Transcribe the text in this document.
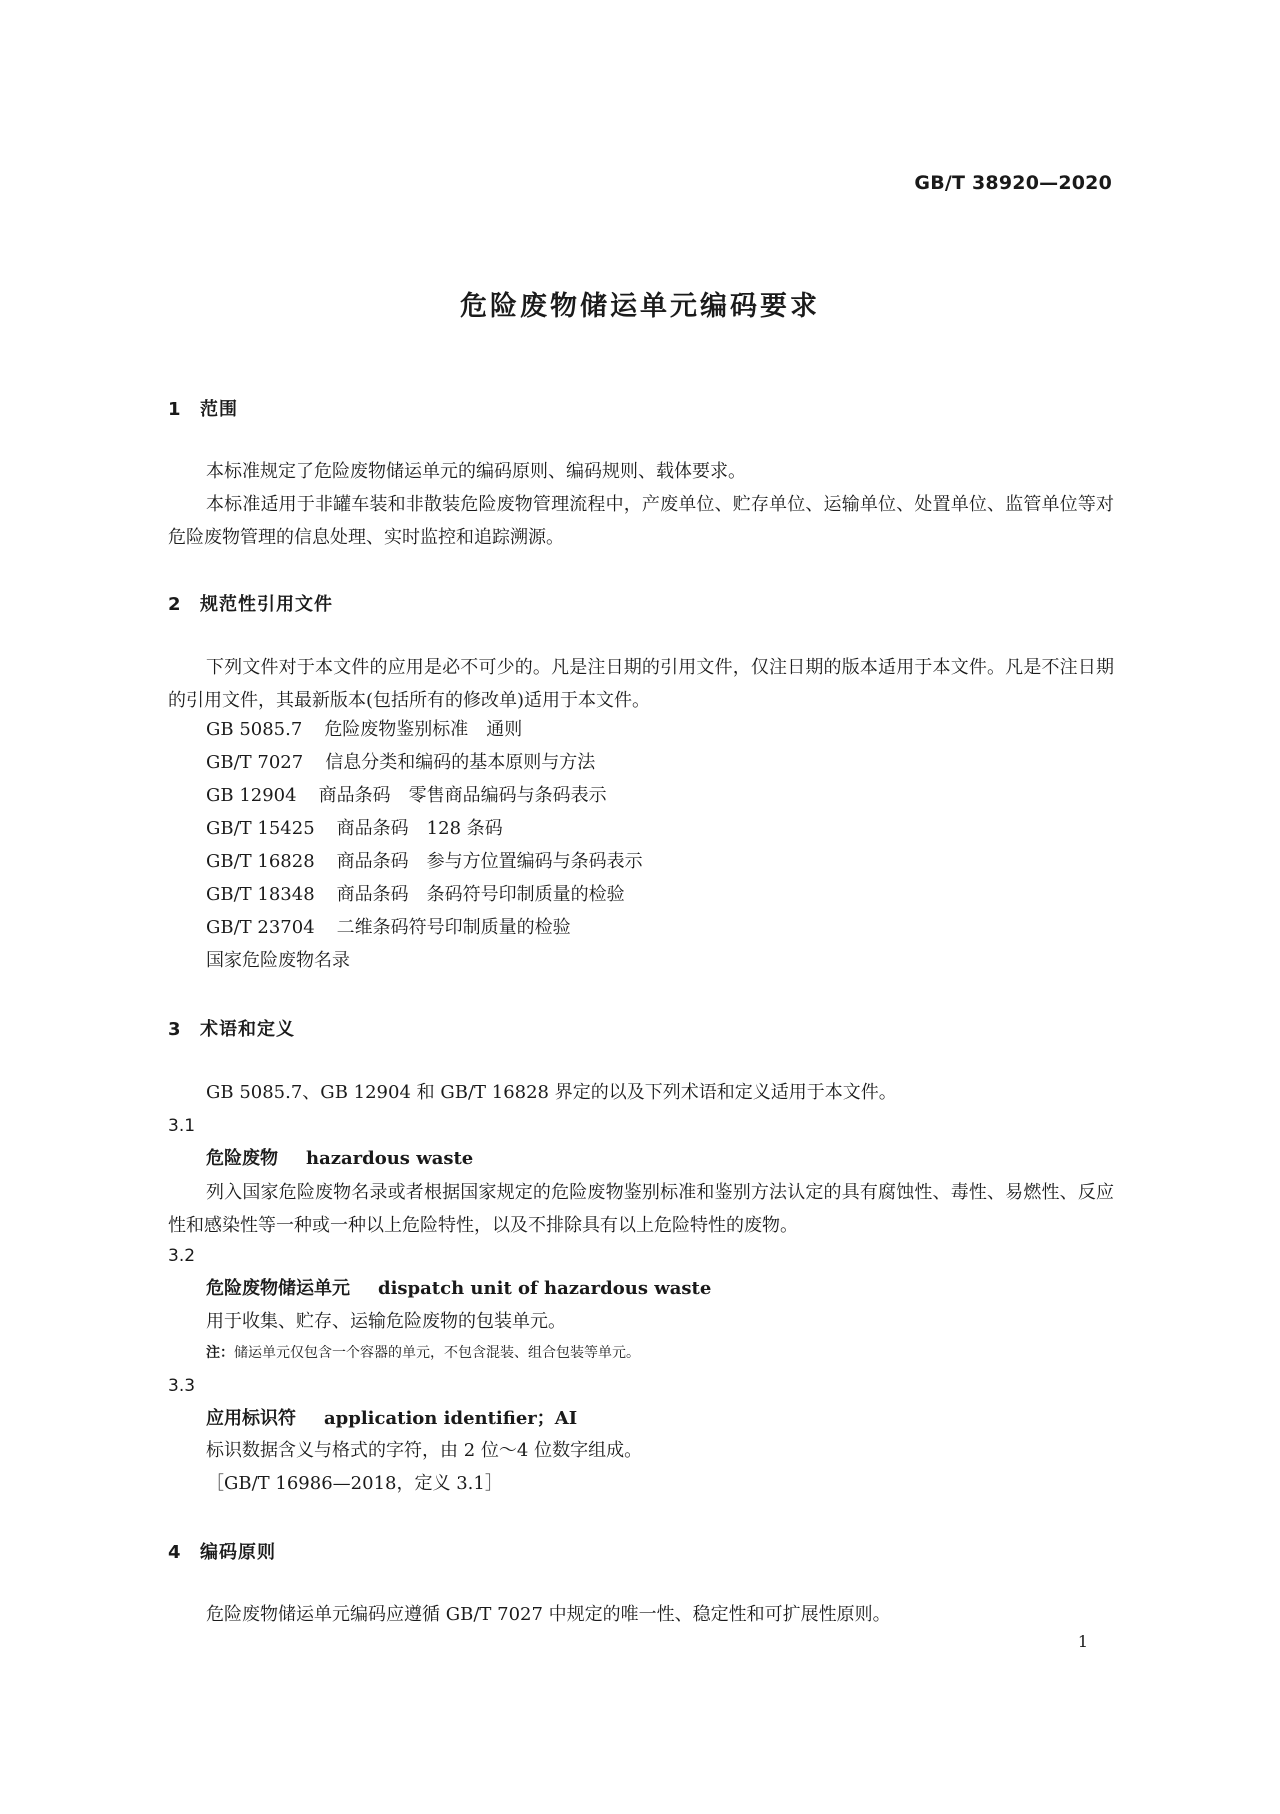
GB/T 38920—2020
危险废物储运单元编码要求
1 范围

本标准规定了危险废物储运单元的编码原则、编码规则、载体要求。

本标准适用于非罐车装和非散装危险废物管理流程中，产废单位、贮存单位、运输单位、处置单位、监管单位等对危险废物管理的信息处理、实时监控和追踪溯源。

2 规范性引用文件

下列文件对于本文件的应用是必不可少的。凡是注日期的引用文件，仅注日期的版本适用于本文件。凡是不注日期的引用文件，其最新版本(包括所有的修改单)适用于本文件。

GB 5085.7 危险废物鉴别标准　通则

GB/T 7027 信息分类和编码的基本原则与方法

GB 12904 商品条码　零售商品编码与条码表示

GB/T 15425 商品条码　128 条码

GB/T 16828 商品条码　参与方位置编码与条码表示

GB/T 18348 商品条码　条码符号印制质量的检验

GB/T 23704 二维条码符号印制质量的检验

国家危险废物名录

3 术语和定义

GB 5085.7、GB 12904 和 GB/T 16828 界定的以及下列术语和定义适用于本文件。

3.1

危险废物 hazardous waste

列入国家危险废物名录或者根据国家规定的危险废物鉴别标准和鉴别方法认定的具有腐蚀性、毒性、易燃性、反应性和感染性等一种或一种以上危险特性，以及不排除具有以上危险特性的废物。

3.2

危险废物储运单元 dispatch unit of hazardous waste

用于收集、贮存、运输危险废物的包装单元。

注：储运单元仅包含一个容器的单元，不包含混装、组合包装等单元。

3.3

应用标识符 application identifier；AI

标识数据含义与格式的字符，由 2 位～4 位数字组成。

［GB/T 16986—2018，定义 3.1］

4 编码原则

危险废物储运单元编码应遵循 GB/T 7027 中规定的唯一性、稳定性和可扩展性原则。

1
